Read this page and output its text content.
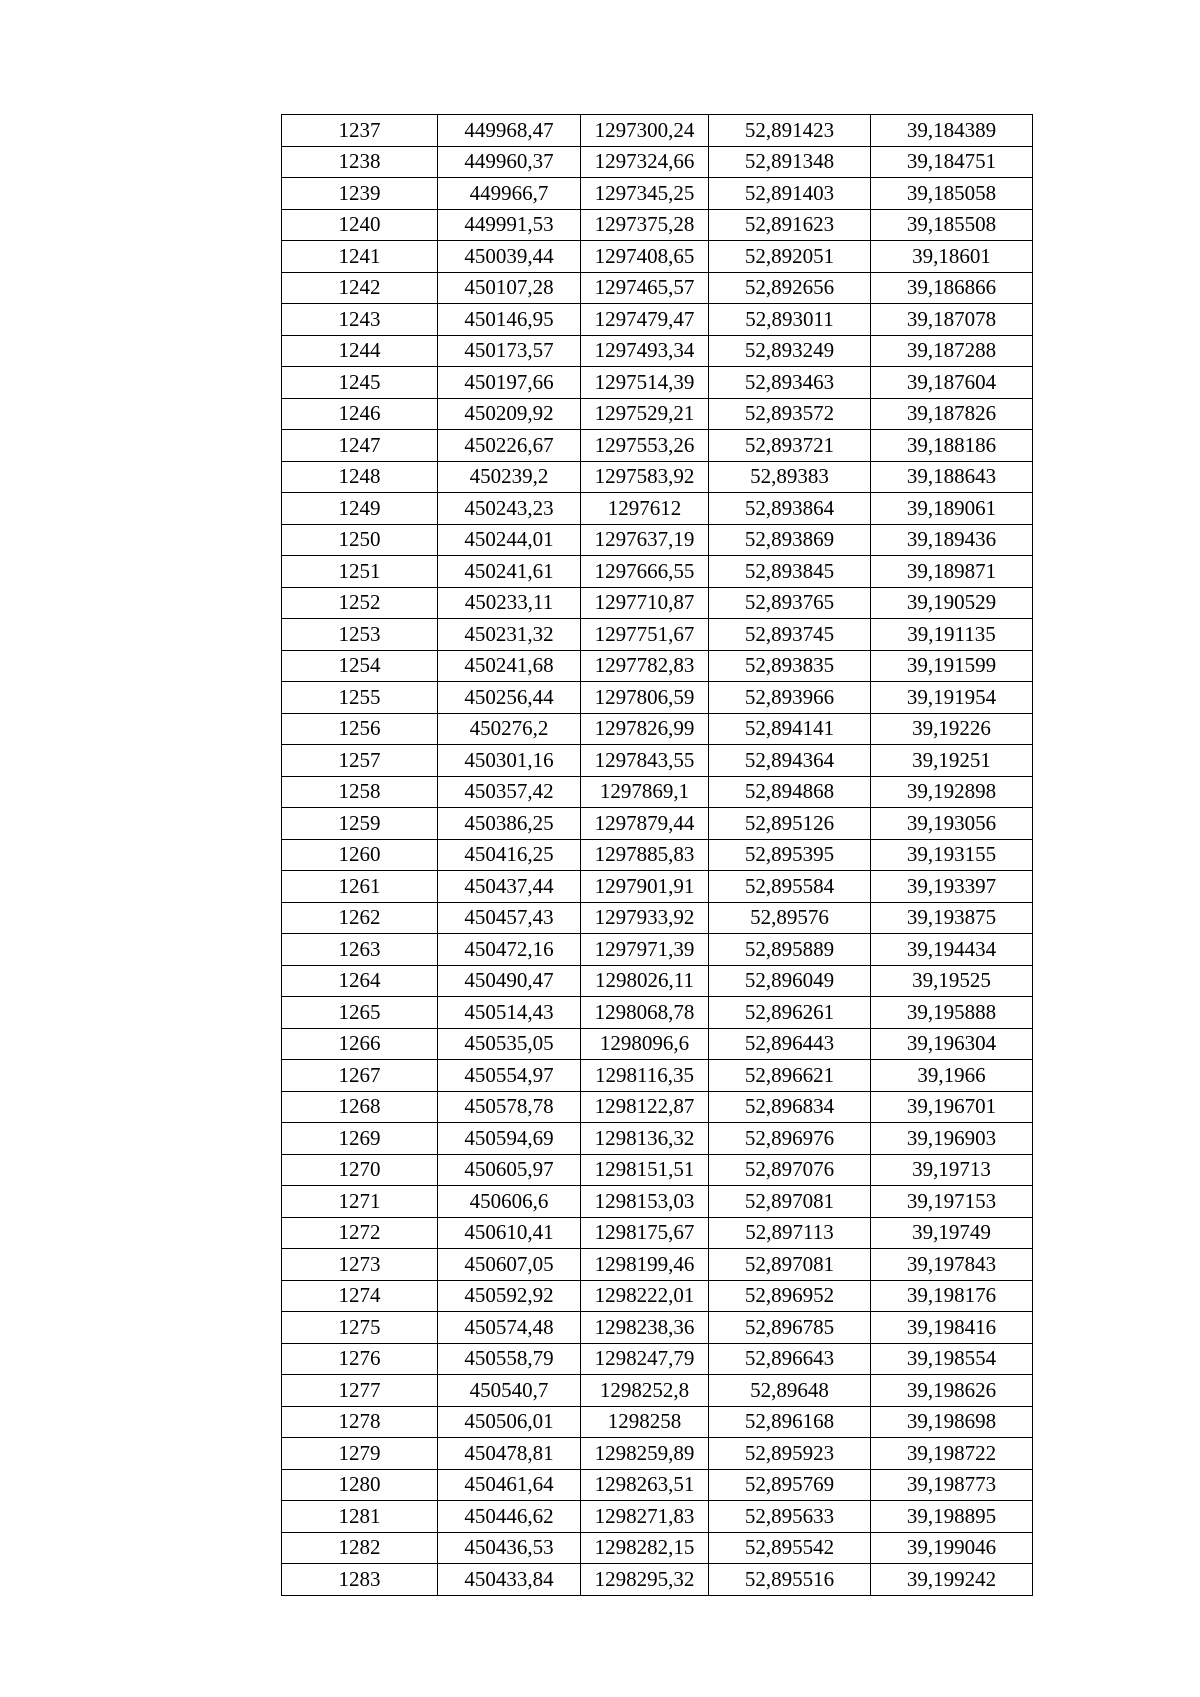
1237	449968,47	1297300,24	52,891423	39,184389
1238	449960,37	1297324,66	52,891348	39,184751
1239	449966,7	1297345,25	52,891403	39,185058
1240	449991,53	1297375,28	52,891623	39,185508
1241	450039,44	1297408,65	52,892051	39,18601
1242	450107,28	1297465,57	52,892656	39,186866
1243	450146,95	1297479,47	52,893011	39,187078
1244	450173,57	1297493,34	52,893249	39,187288
1245	450197,66	1297514,39	52,893463	39,187604
1246	450209,92	1297529,21	52,893572	39,187826
1247	450226,67	1297553,26	52,893721	39,188186
1248	450239,2	1297583,92	52,89383	39,188643
1249	450243,23	1297612	52,893864	39,189061
1250	450244,01	1297637,19	52,893869	39,189436
1251	450241,61	1297666,55	52,893845	39,189871
1252	450233,11	1297710,87	52,893765	39,190529
1253	450231,32	1297751,67	52,893745	39,191135
1254	450241,68	1297782,83	52,893835	39,191599
1255	450256,44	1297806,59	52,893966	39,191954
1256	450276,2	1297826,99	52,894141	39,19226
1257	450301,16	1297843,55	52,894364	39,19251
1258	450357,42	1297869,1	52,894868	39,192898
1259	450386,25	1297879,44	52,895126	39,193056
1260	450416,25	1297885,83	52,895395	39,193155
1261	450437,44	1297901,91	52,895584	39,193397
1262	450457,43	1297933,92	52,89576	39,193875
1263	450472,16	1297971,39	52,895889	39,194434
1264	450490,47	1298026,11	52,896049	39,19525
1265	450514,43	1298068,78	52,896261	39,195888
1266	450535,05	1298096,6	52,896443	39,196304
1267	450554,97	1298116,35	52,896621	39,1966
1268	450578,78	1298122,87	52,896834	39,196701
1269	450594,69	1298136,32	52,896976	39,196903
1270	450605,97	1298151,51	52,897076	39,19713
1271	450606,6	1298153,03	52,897081	39,197153
1272	450610,41	1298175,67	52,897113	39,19749
1273	450607,05	1298199,46	52,897081	39,197843
1274	450592,92	1298222,01	52,896952	39,198176
1275	450574,48	1298238,36	52,896785	39,198416
1276	450558,79	1298247,79	52,896643	39,198554
1277	450540,7	1298252,8	52,89648	39,198626
1278	450506,01	1298258	52,896168	39,198698
1279	450478,81	1298259,89	52,895923	39,198722
1280	450461,64	1298263,51	52,895769	39,198773
1281	450446,62	1298271,83	52,895633	39,198895
1282	450436,53	1298282,15	52,895542	39,199046
1283	450433,84	1298295,32	52,895516	39,199242
